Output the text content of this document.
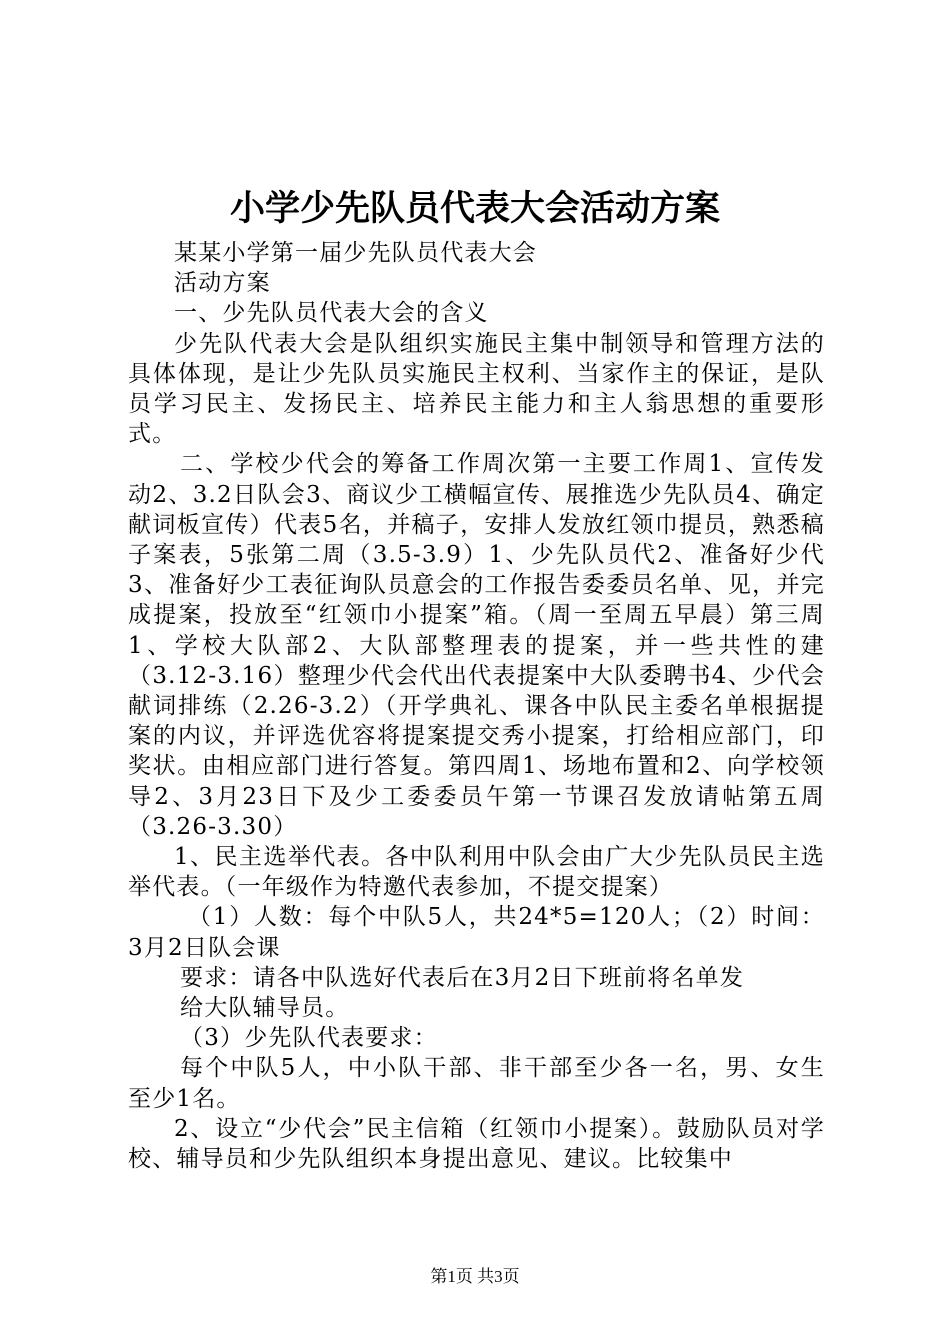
小学少先队员代表大会活动方案

某某小学第一届少先队员代表大会

活动方案

一、少先队员代表大会的含义

少先队代表大会是队组织实施民主集中制领导和管理方法的具体体现，是让少先队员实施民主权利、当家作主的保证，是队员学习民主、发扬民主、培养民主能力和主人翁思想的重要形式。

二、学校少代会的筹备工作周次第一主要工作周1、宣传发动2、3.2日队会3、商议少工横幅宣传、展推选少先队员4、确定献词板宣传）代表5名，并稿子，安排人发放红领巾提员，熟悉稿子案表，5张第二周（3.5-3.9）1、少先队员代2、准备好少代3、准备好少工表征询队员意会的工作报告委委员名单、见，并完成提案，投放至“红领巾小提案”箱。（周一至周五早晨）第三周1、学校大队部2、大队部整理表的提案，并一些共性的建（3.12-3.16）整理少代会代出代表提案中大队委聘书4、少代会献词排练（2.26-3.2）（开学典礼、课各中队民主委名单根据提案的内议，并评选优容将提案提交秀小提案，打给相应部门，印奖状。由相应部门进行答复。第四周1、场地布置和2、向学校领导2、3月23日下及少工委委员午第一节课召发放请帖第五周（3.26-3.30）

1、民主选举代表。各中队利用中队会由广大少先队员民主选举代表。（一年级作为特邀代表参加，不提交提案）

（1）人数：每个中队5人，共24*5=120人；（2）时间：3月2日队会课

要求：请各中队选好代表后在3月2日下班前将名单发

给大队辅导员。

（3）少先队代表要求：

每个中队5人，中小队干部、非干部至少各一名，男、女生至少1名。

2、设立“少代会”民主信箱（红领巾小提案）。鼓励队员对学校、辅导员和少先队组织本身提出意见、建议。比较集中

第1页 共3页
